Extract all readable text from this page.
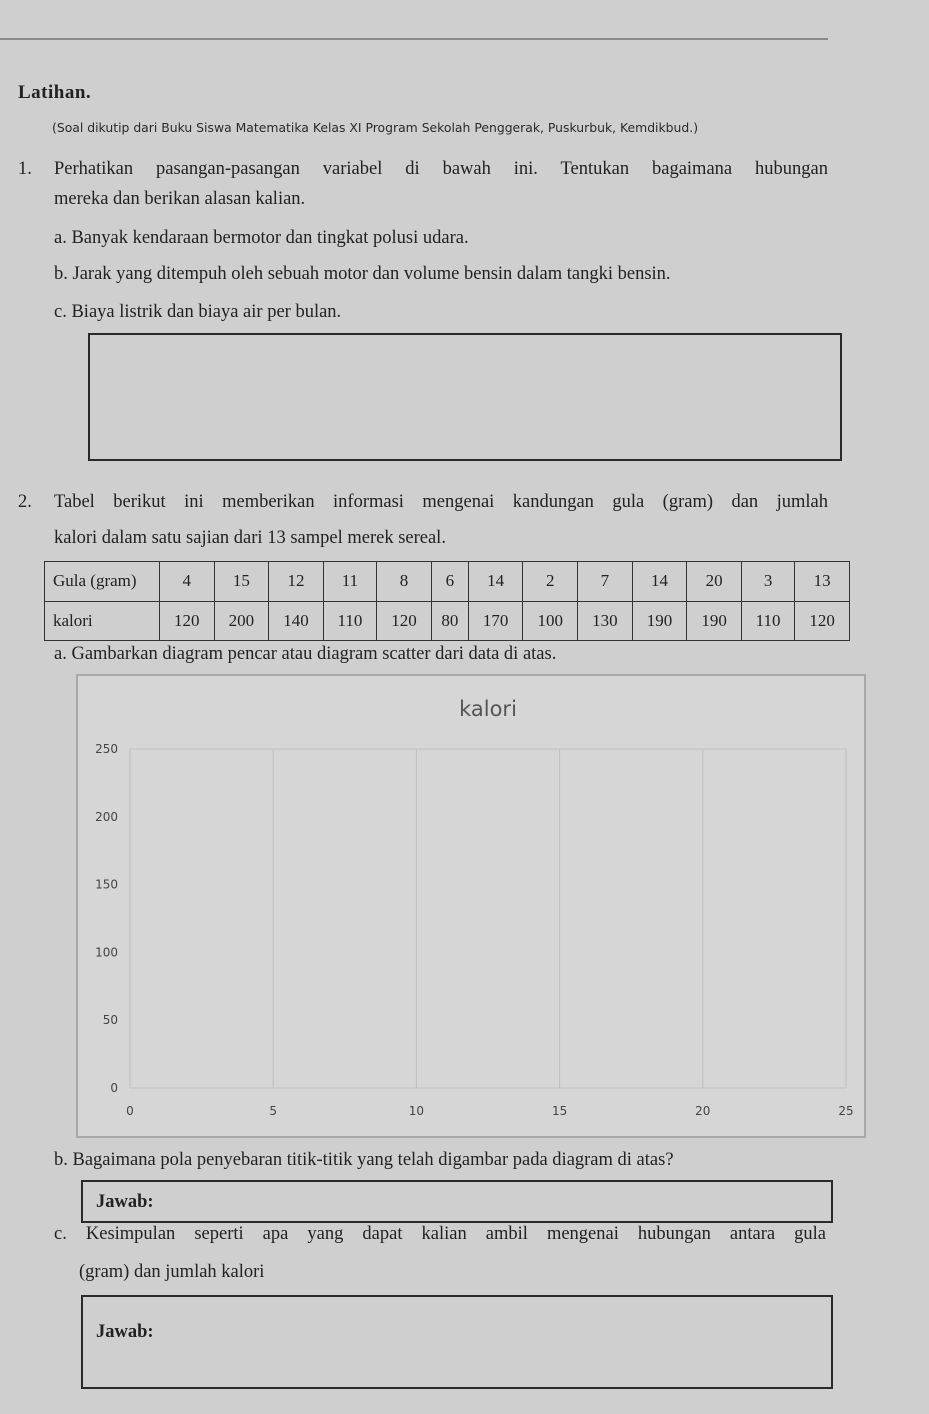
Latihan.
(Soal dikutip dari Buku Siswa Matematika Kelas XI Program Sekolah Penggerak, Puskurbuk, Kemdikbud.)
1. Perhatikan pasangan-pasangan variabel di bawah ini. Tentukan bagaimana hubungan
mereka dan berikan alasan kalian.
a. Banyak kendaraan bermotor dan tingkat polusi udara.
b. Jarak yang ditempuh oleh sebuah motor dan volume bensin dalam tangki bensin.
c. Biaya listrik dan biaya air per bulan.
2. Tabel berikut ini memberikan informasi mengenai kandungan gula (gram) dan jumlah
kalori dalam satu sajian dari 13 sampel merek sereal.
Gula (gram)	4	15	12	11	8	6	14	2	7	14	20	3	13
kalori	120	200	140	110	120	80	170	100	130	190	190	110	120
a. Gambarkan diagram pencar atau diagram scatter dari data di atas.
kalori
0	5	10	15	20	25
0
50
100
150
200
250
b. Bagaimana pola penyebaran titik-titik yang telah digambar pada diagram di atas?
Jawab:
c. Kesimpulan seperti apa yang dapat kalian ambil mengenai hubungan antara gula
(gram) dan jumlah kalori
Jawab:
